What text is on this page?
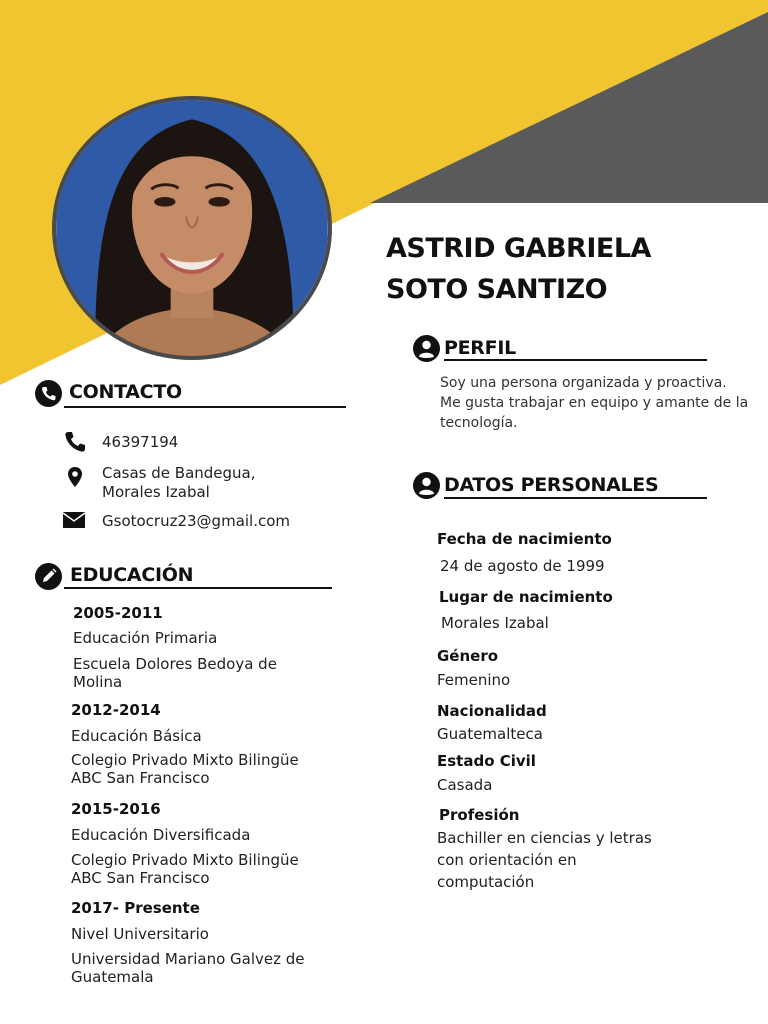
ASTRID GABRIELA
SOTO SANTIZO
CONTACTO
46397194
Casas de Bandegua,
Morales Izabal
Gsotocruz23@gmail.com
EDUCACIÓN
2005-2011
Educación Primaria
Escuela Dolores Bedoya de
Molina
2012-2014
Educación Básica
Colegio Privado Mixto Bilingüe
ABC San Francisco
2015-2016
Educación Diversificada
Colegio Privado Mixto Bilingüe
ABC San Francisco
2017- Presente
Nivel Universitario
Universidad Mariano Galvez de
Guatemala
PERFIL
Soy una persona organizada y proactiva. Me gusta trabajar en equipo y amante de la tecnología.
DATOS PERSONALES
Fecha de nacimiento
24 de agosto de 1999
Lugar de nacimiento
Morales Izabal
Género
Femenino
Nacionalidad
Guatemalteca
Estado Civil
Casada
Profesión
Bachiller en ciencias y letras
con orientación en
computación
